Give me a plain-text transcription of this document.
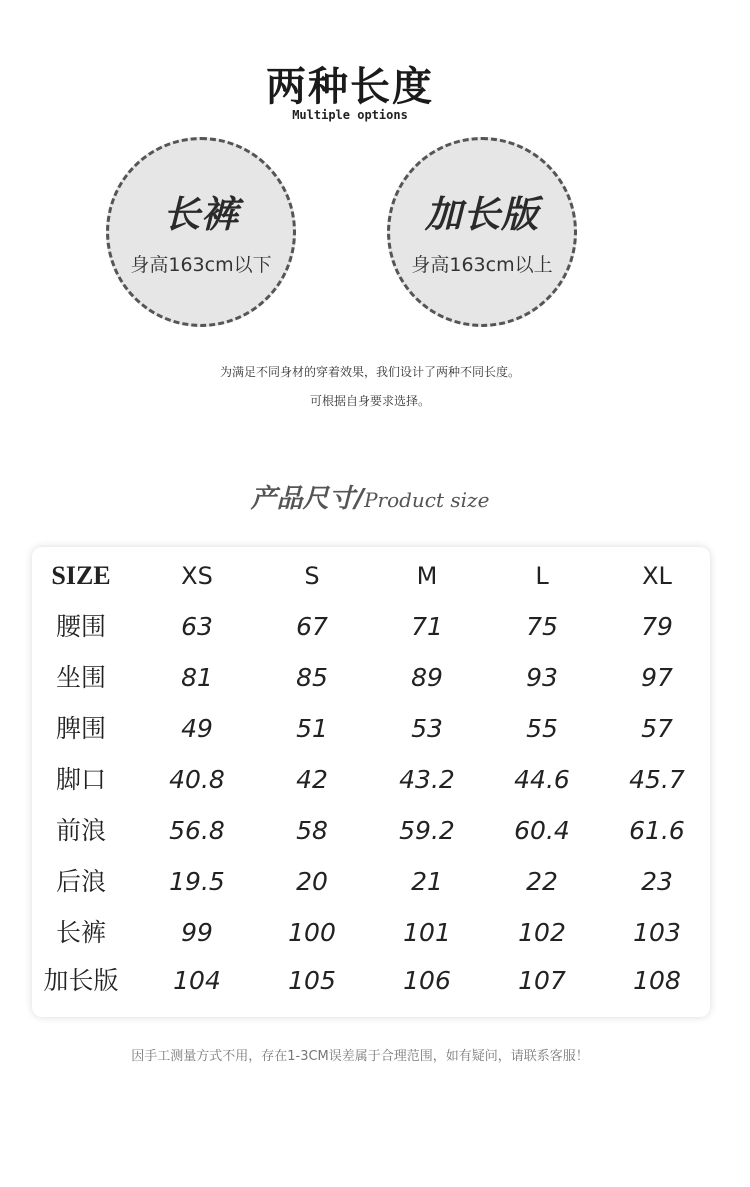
两种长度
Multiple options
长裤
身高163cm以下
加长版
身高163cm以上
为满足不同身材的穿着效果，我们设计了两种不同长度。
可根据自身要求选择。
产品尺寸/Product size
SIZE	XS	S	M	L	XL
腰围	63	67	71	75	79
坐围	81	85	89	93	97
脾围	49	51	53	55	57
脚口	40.8	42	43.2	44.6	45.7
前浪	56.8	58	59.2	60.4	61.6
后浪	19.5	20	21	22	23
长裤	99	100	101	102	103
加长版	104	105	106	107	108
因手工测量方式不用，存在1-3CM误差属于合理范围，如有疑问，请联系客服！
